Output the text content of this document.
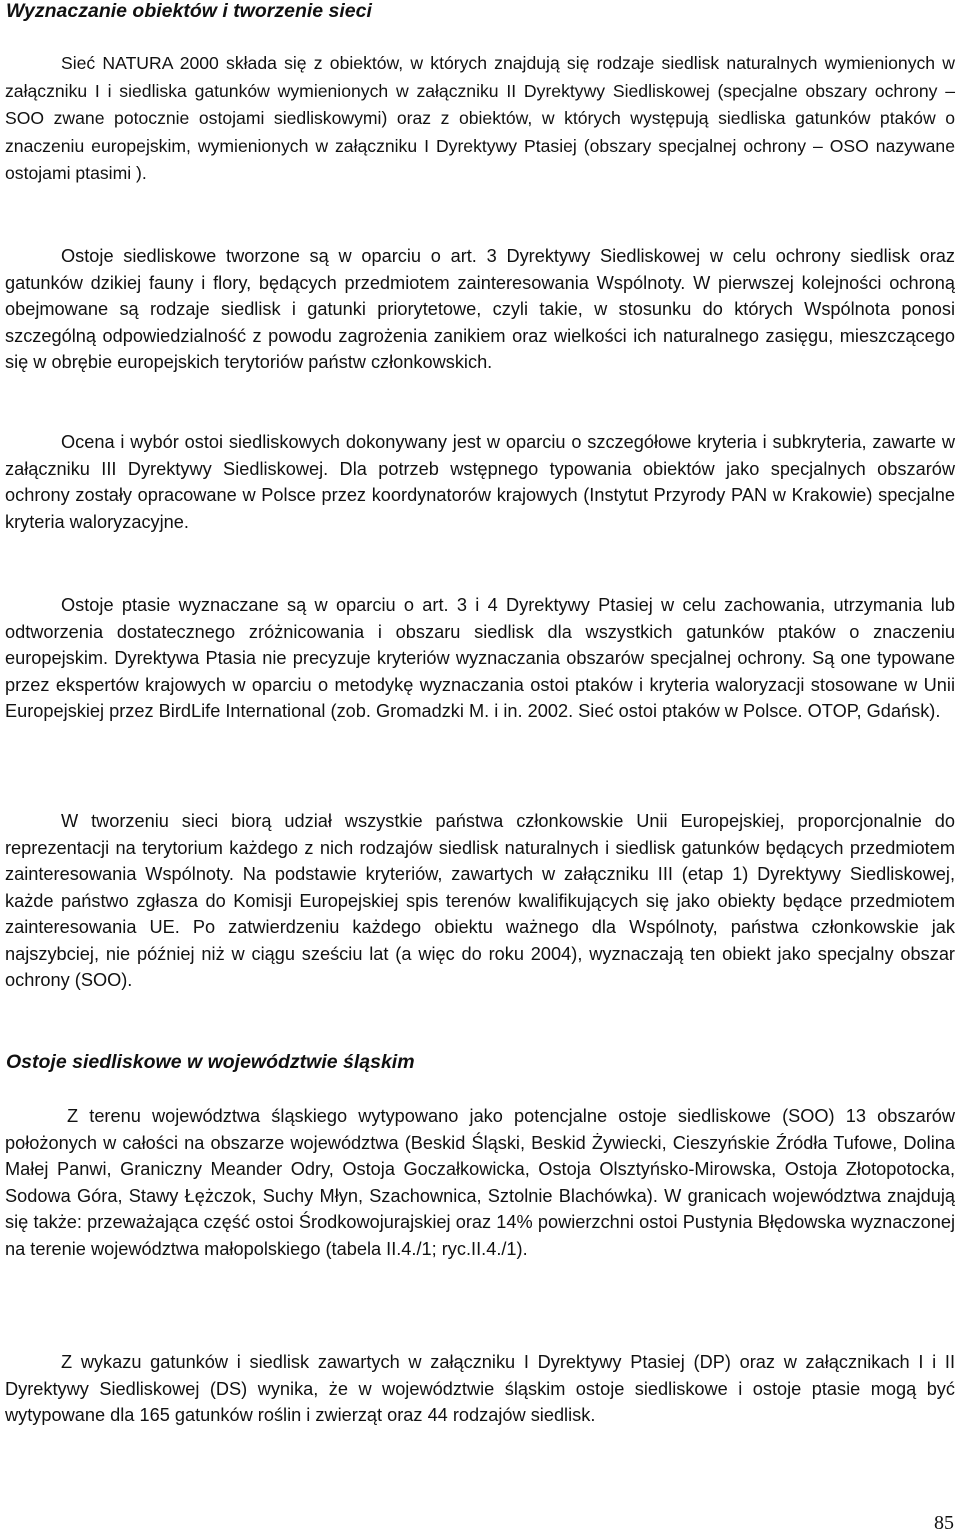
Wyznaczanie obiektów i tworzenie sieci

Sieć NATURA 2000 składa się z obiektów, w których znajdują się rodzaje siedlisk naturalnych wymienionych w załączniku I i siedliska gatunków wymienionych w załączniku II Dyrektywy Siedliskowej (specjalne obszary ochrony – SOO zwane potocznie ostojami siedliskowymi) oraz z obiektów, w których występują siedliska gatunków ptaków o znaczeniu europejskim, wymienionych w załączniku I Dyrektywy Ptasiej (obszary specjalnej ochrony – OSO nazywane ostojami ptasimi ).

Ostoje siedliskowe tworzone są w oparciu o art. 3 Dyrektywy Siedliskowej w celu ochrony siedlisk oraz gatunków dzikiej fauny i flory, będących przedmiotem zainteresowania Wspólnoty. W pierwszej kolejności ochroną obejmowane są rodzaje siedlisk i gatunki priorytetowe, czyli takie, w stosunku do których Wspólnota ponosi szczególną odpowiedzialność z powodu zagrożenia zanikiem oraz wielkości ich naturalnego zasięgu, mieszczącego się w obrębie europejskich terytoriów państw członkowskich.

Ocena i wybór ostoi siedliskowych dokonywany jest w oparciu o szczegółowe kryteria i subkryteria, zawarte w załączniku III Dyrektywy Siedliskowej. Dla potrzeb wstępnego typowania obiektów jako specjalnych obszarów ochrony zostały opracowane w Polsce przez koordynatorów krajowych (Instytut Przyrody PAN w Krakowie) specjalne kryteria waloryzacyjne.

Ostoje ptasie wyznaczane są w oparciu o art. 3 i 4 Dyrektywy Ptasiej w celu zachowania, utrzymania lub odtworzenia dostatecznego zróżnicowania i obszaru siedlisk dla wszystkich gatunków ptaków o znaczeniu europejskim. Dyrektywa Ptasia nie precyzuje kryteriów wyznaczania obszarów specjalnej ochrony. Są one typowane przez ekspertów krajowych w oparciu o metodykę wyznaczania ostoi ptaków i kryteria waloryzacji stosowane w Unii Europejskiej przez BirdLife International (zob. Gromadzki M. i in. 2002. Sieć ostoi ptaków w Polsce. OTOP, Gdańsk).

W tworzeniu sieci biorą udział wszystkie państwa członkowskie Unii Europejskiej, proporcjonalnie do reprezentacji na terytorium każdego z nich rodzajów siedlisk naturalnych i siedlisk gatunków będących przedmiotem zainteresowania Wspólnoty. Na podstawie kryteriów, zawartych w załączniku III (etap 1) Dyrektywy Siedliskowej, każde państwo zgłasza do Komisji Europejskiej spis terenów kwalifikujących się jako obiekty będące przedmiotem zainteresowania UE. Po zatwierdzeniu każdego obiektu ważnego dla Wspólnoty, państwa członkowskie jak najszybciej, nie później niż w ciągu sześciu lat (a więc do roku 2004), wyznaczają ten obiekt jako specjalny obszar ochrony (SOO).

Ostoje siedliskowe w województwie śląskim

Z terenu województwa śląskiego wytypowano jako potencjalne ostoje siedliskowe (SOO) 13 obszarów położonych w całości na obszarze województwa (Beskid Śląski, Beskid Żywiecki, Cieszyńskie Źródła Tufowe, Dolina Małej Panwi, Graniczny Meander Odry, Ostoja Goczałkowicka, Ostoja Olsztyńsko-Mirowska, Ostoja Złotopotocka, Sodowa Góra, Stawy Łężczok, Suchy Młyn, Szachownica, Sztolnie Blachówka). W granicach województwa znajdują się także: przeważająca część ostoi Środkowojurajskiej oraz 14% powierzchni ostoi Pustynia Błędowska wyznaczonej na terenie województwa małopolskiego (tabela II.4./1; ryc.II.4./1).

Z wykazu gatunków i siedlisk zawartych w załączniku I Dyrektywy Ptasiej (DP) oraz w załącznikach I i II Dyrektywy Siedliskowej (DS) wynika, że w województwie śląskim ostoje siedliskowe i ostoje ptasie mogą być wytypowane dla 165 gatunków roślin i zwierząt oraz 44 rodzajów siedlisk.

85
